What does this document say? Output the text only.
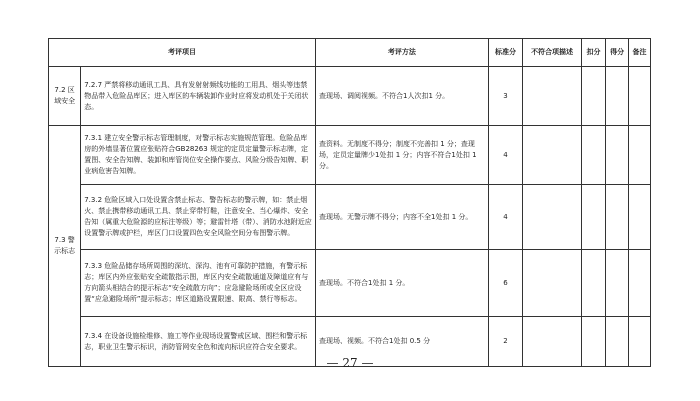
考评项目		考评方法	标准分	不符合项描述	扣分	得分	备注
7.2 区域安全	7.2.7 严禁将移动通讯工具、具有发射射频线功能的工用具、烟头等违禁物品带入危险品库区；进入库区的车辆装卸作业时应将发动机处于关闭状态。	查现场、调阅视频。不符合1人次扣1 分。	3				
7.3 警示标志	7.3.1 建立安全警示标志管理制度，对警示标志实施规范管理。危险品库房的外墙显著位置应张贴符合GB28263 规定的定员定量警示标志牌，定置图、安全告知牌、装卸和库管岗位安全操作要点、风险分级告知牌、职业病危害告知牌。	查资料。无制度不得分；制度不完善扣 1 分；查现场，定员定量牌少1处扣 1 分；内容不符合1处扣 1 分。	4				
	7.3.2 危险区域入口处设置含禁止标志、警告标志的警示牌，如：禁止烟火、禁止携带移动通讯工具、禁止穿带钉鞋，注意安全、当心爆炸、安全告知（属重大危险源的应标注等级）等；避雷针塔（带）、消防水池附近应设置警示牌或护栏，库区门口设置四色安全风险空间分布图警示牌。	查现场。无警示牌不得分；内容不全1处扣 1 分。	4				
	7.3.3 危险品储存场所周围的深坑、深沟、池有可靠防护措施，有警示标志；库区内外应张贴安全疏散指示图，库区内安全疏散通道及障道应有与方向箭头相结合的提示标志“安全疏散方向”；应急避险场所或全区应设置“应急避险场所”提示标志；库区道路设置限速、限高、禁行等标志。	查现场。不符合1处扣 1 分。	6				
	7.3.4 在设备设施检维修、施工等作业现场设置警戒区域、围栏和警示标志，职业卫生警示标识，消防管网安全色和流向标识应符合安全要求。	查现场、视频。不符合1处扣 0.5 分	2				
— 27 —
